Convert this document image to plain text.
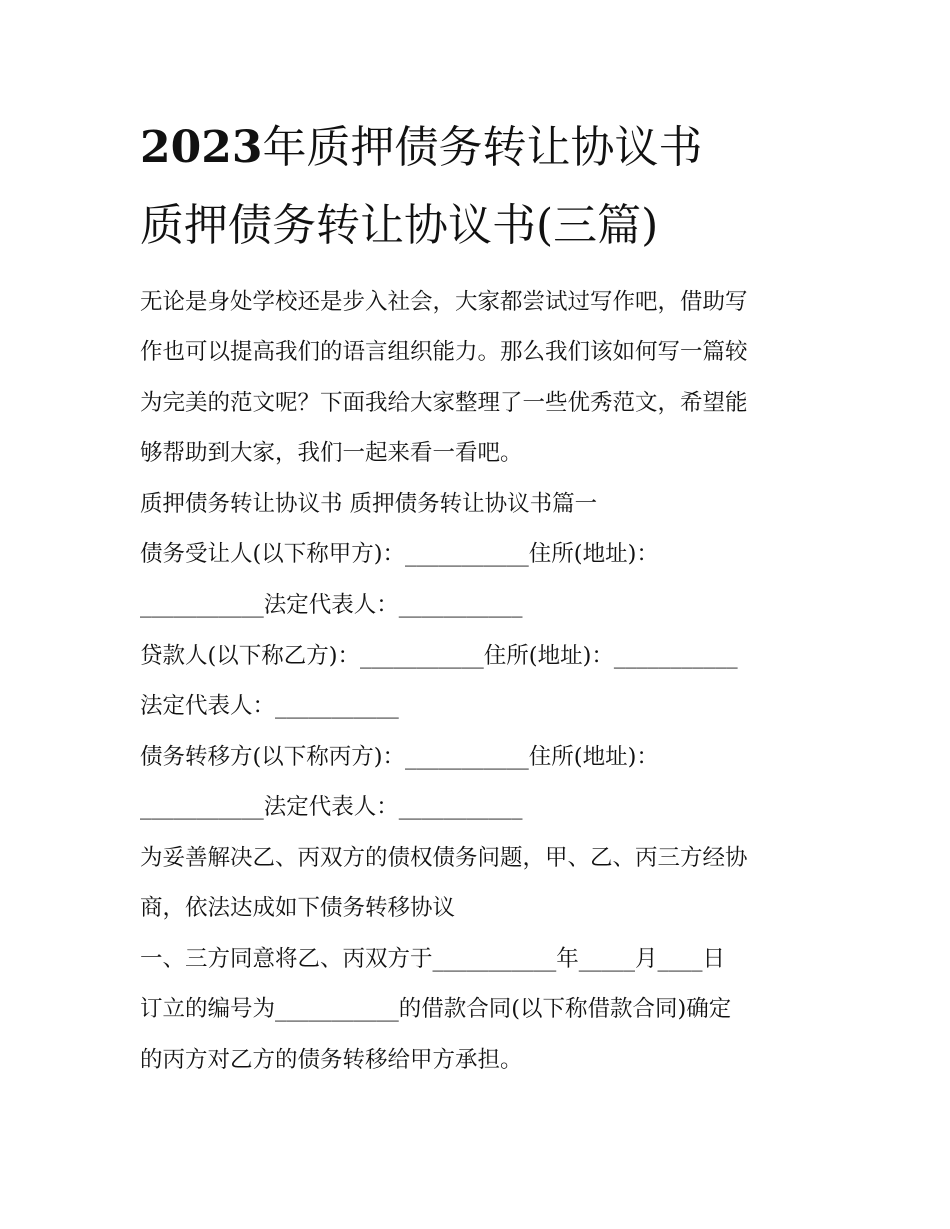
2023年质押债务转让协议书
质押债务转让协议书(三篇)
无论是身处学校还是步入社会，大家都尝试过写作吧，借助写
作也可以提高我们的语言组织能力。那么我们该如何写一篇较
为完美的范文呢？下面我给大家整理了一些优秀范文，希望能
够帮助到大家，我们一起来看一看吧。
质押债务转让协议书 质押债务转让协议书篇一
债务受让人(以下称甲方)：___________住所(地址)：
___________法定代表人：___________
贷款人(以下称乙方)：___________住所(地址)：___________
法定代表人：___________
债务转移方(以下称丙方)：___________住所(地址)：
___________法定代表人：___________
为妥善解决乙、丙双方的债权债务问题，甲、乙、丙三方经协
商，依法达成如下债务转移协议
一、三方同意将乙、丙双方于___________年_____月____日
订立的编号为___________的借款合同(以下称借款合同)确定
的丙方对乙方的债务转移给甲方承担。
